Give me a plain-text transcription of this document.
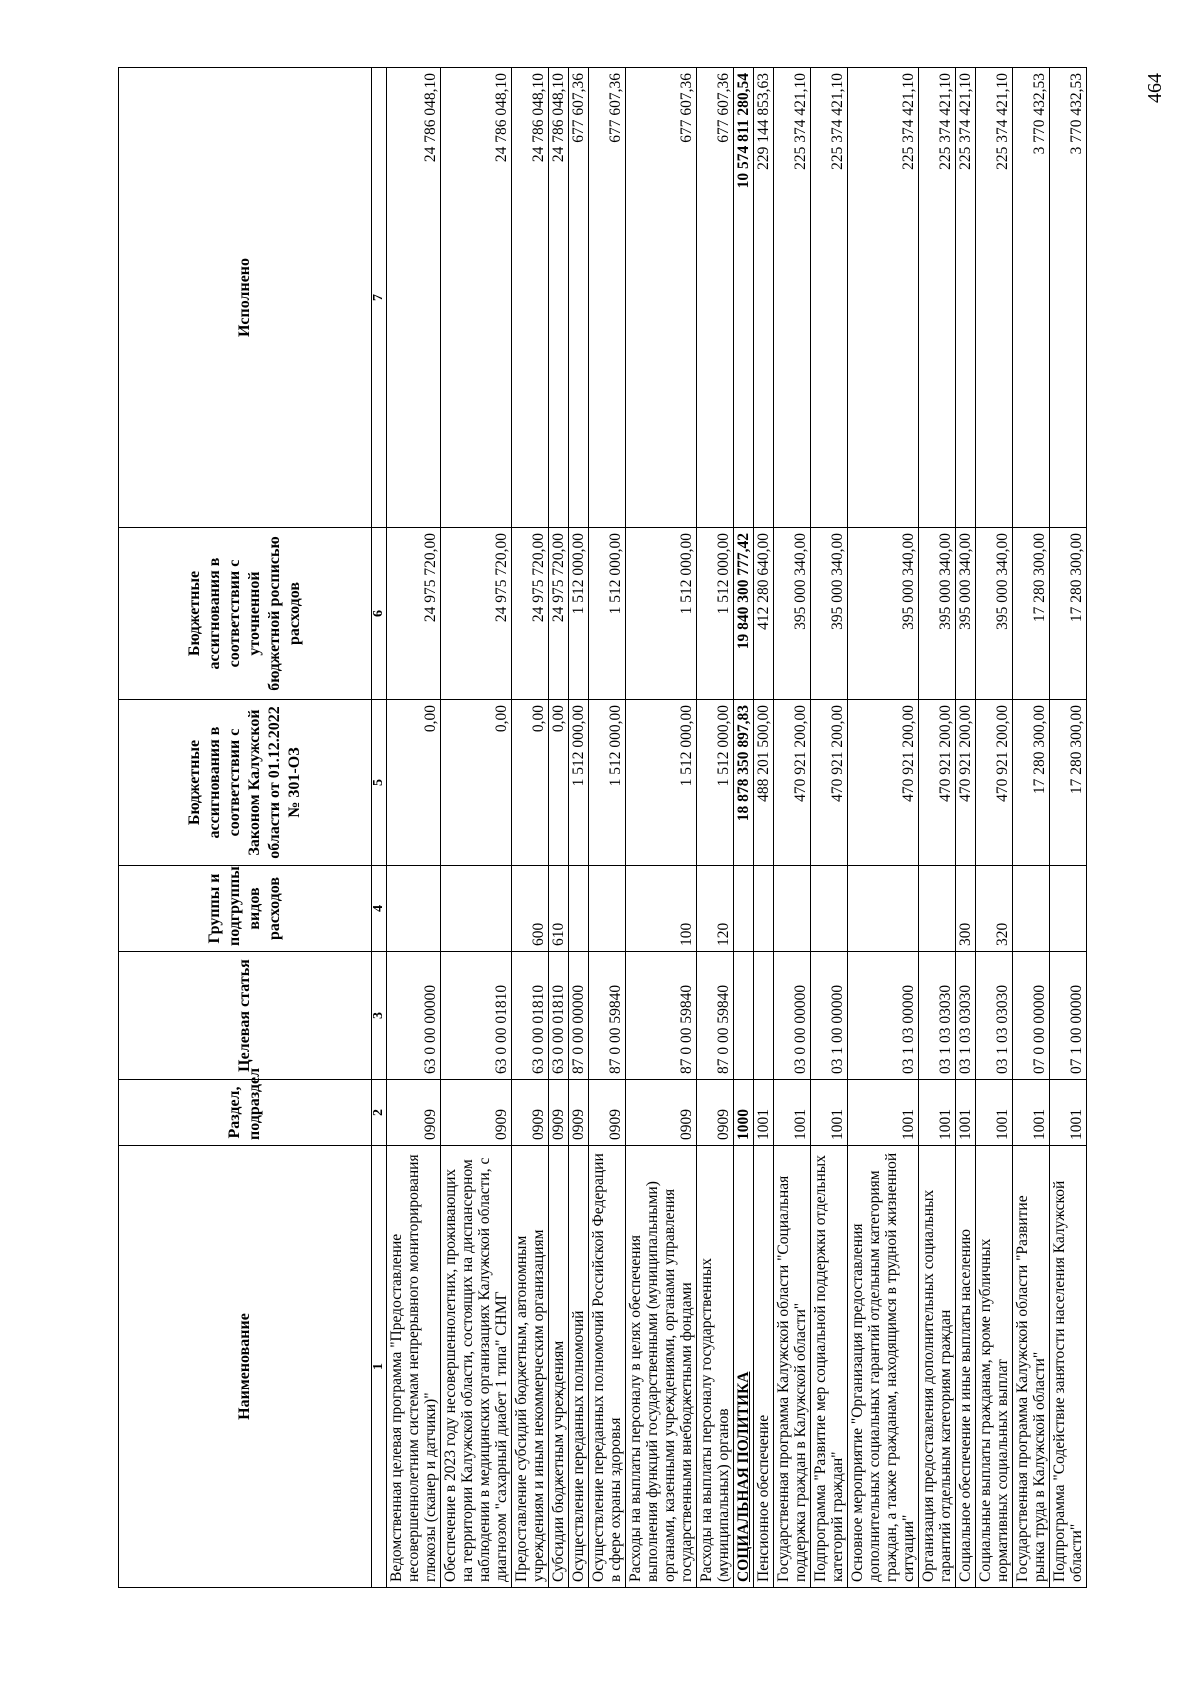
464
Наименование	Раздел, подраздел	Целевая статья	Группы и подгруппы видов расходов	Бюджетные ассигнования в соответствии с Законом Калужской области от 01.12.2022 № 301-ОЗ	Бюджетные ассигнования в соответствии с уточненной бюджетной росписью расходов	Исполнено
1	2	3	4	5	6	7
Ведомственная целевая программа "Предоставление несовершеннолетним системам непрерывного мониторирования глюкозы (сканер и датчики)"	0909	63 0 00 00000		0,00	24 975 720,00	24 786 048,10
Обеспечение в 2023 году несовершеннолетних, проживающих на территории Калужской области, состоящих на диспансерном наблюдении в медицинских организациях Калужской области, с диагнозом "сахарный диабет 1 типа" СНМГ	0909	63 0 00 01810		0,00	24 975 720,00	24 786 048,10
Предоставление субсидий бюджетным, автономным учреждениям и иным некоммерческим организациям	0909	63 0 00 01810	600	0,00	24 975 720,00	24 786 048,10
Субсидии бюджетным учреждениям	0909	63 0 00 01810	610	0,00	24 975 720,00	24 786 048,10
Осуществление переданных полномочий	0909	87 0 00 00000		1 512 000,00	1 512 000,00	677 607,36
Осуществление переданных полномочий Российской Федерации в сфере охраны здоровья	0909	87 0 00 59840		1 512 000,00	1 512 000,00	677 607,36
Расходы на выплаты персоналу в целях обеспечения выполнения функций государственными (муниципальными) органами, казенными учреждениями, органами управления государственными внебюджетными фондами	0909	87 0 00 59840	100	1 512 000,00	1 512 000,00	677 607,36
Расходы на выплаты персоналу государственных (муниципальных) органов	0909	87 0 00 59840	120	1 512 000,00	1 512 000,00	677 607,36
СОЦИАЛЬНАЯ ПОЛИТИКА	1000			18 878 350 897,83	19 840 300 777,42	10 574 811 280,54
Пенсионное обеспечение	1001			488 201 500,00	412 280 640,00	229 144 853,63
Государственная программа Калужской области "Социальная поддержка граждан в Калужской области"	1001	03 0 00 00000		470 921 200,00	395 000 340,00	225 374 421,10
Подпрограмма "Развитие мер социальной поддержки отдельных категорий граждан"	1001	03 1 00 00000		470 921 200,00	395 000 340,00	225 374 421,10
Основное мероприятие "Организация предоставления дополнительных социальных гарантий отдельным категориям граждан, а также гражданам, находящимся в трудной жизненной ситуации"	1001	03 1 03 00000		470 921 200,00	395 000 340,00	225 374 421,10
Организация предоставления дополнительных социальных гарантий отдельным категориям граждан	1001	03 1 03 03030		470 921 200,00	395 000 340,00	225 374 421,10
Социальное обеспечение и иные выплаты населению	1001	03 1 03 03030	300	470 921 200,00	395 000 340,00	225 374 421,10
Социальные выплаты гражданам, кроме публичных нормативных социальных выплат	1001	03 1 03 03030	320	470 921 200,00	395 000 340,00	225 374 421,10
Государственная программа Калужской области "Развитие рынка труда в Калужской области"	1001	07 0 00 00000		17 280 300,00	17 280 300,00	3 770 432,53
Подпрограмма "Содействие занятости населения Калужской области"	1001	07 1 00 00000		17 280 300,00	17 280 300,00	3 770 432,53
